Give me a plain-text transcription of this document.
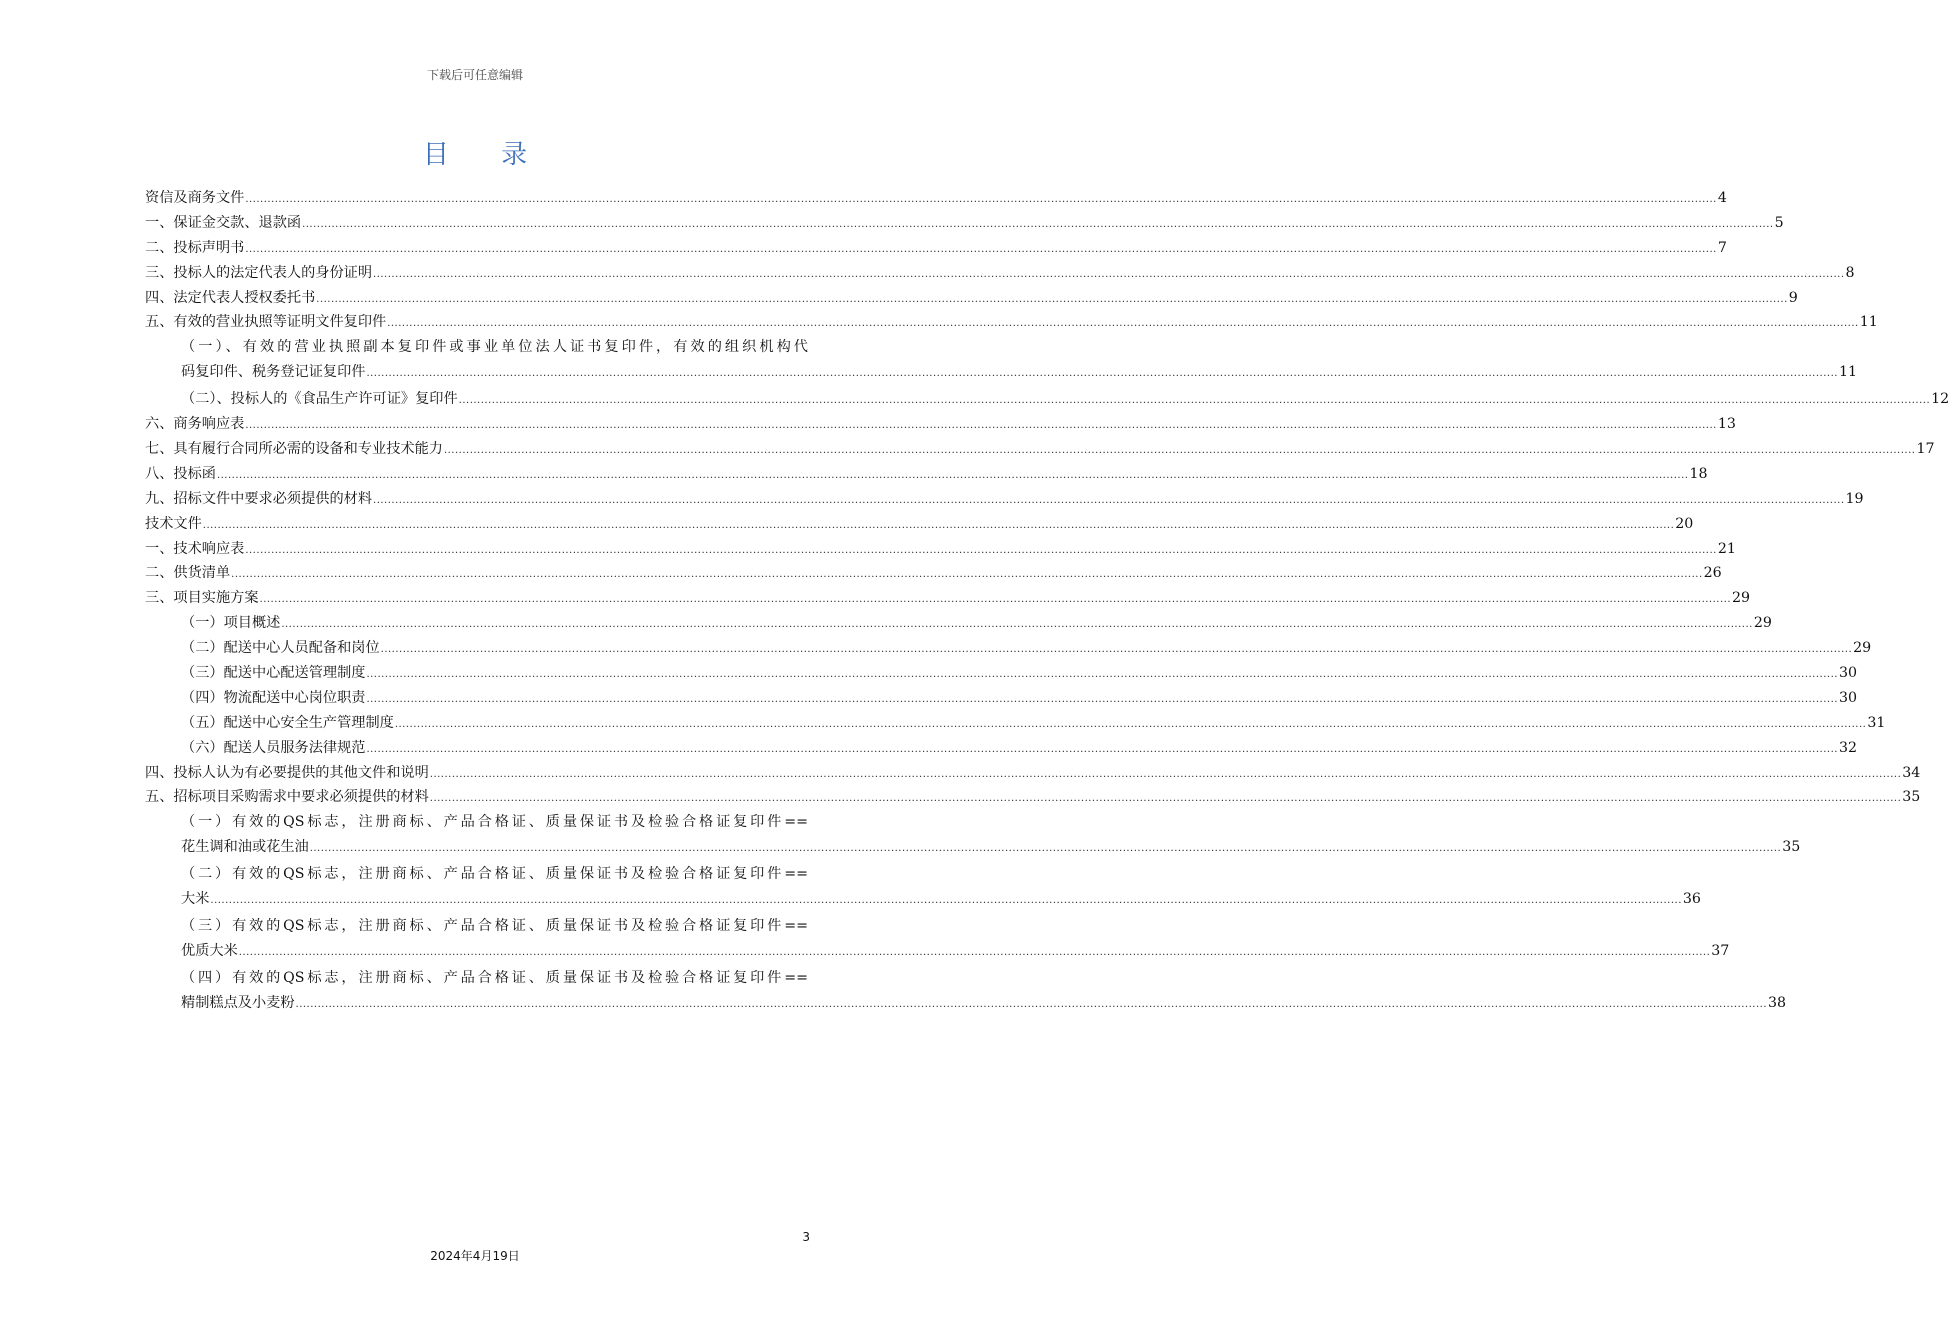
下载后可任意编辑
目 录
资信及商务文件 ................................................................................................................................................................................................................................................................................................................................................................................................................ 4
一、保证金交款、退款函 ................................................................................................................................................................................................................................................................................................................................................................................................................ 5
二、投标声明书 ................................................................................................................................................................................................................................................................................................................................................................................................................ 7
三、投标人的法定代表人的身份证明 ................................................................................................................................................................................................................................................................................................................................................................................................................ 8
四、法定代表人授权委托书 ................................................................................................................................................................................................................................................................................................................................................................................................................ 9
五、有效的营业执照等证明文件复印件 ................................................................................................................................................................................................................................................................................................................................................................................................................ 11
（一）、有效的营业执照副本复印件或事业单位法人证书复印件，有效的组织机构代
码复印件、税务登记证复印件 ................................................................................................................................................................................................................................................................................................................................................................................................................ 11
（二）、投标人的《食品生产许可证》复印件 ................................................................................................................................................................................................................................................................................................................................................................................................................ 12
六、商务响应表 ................................................................................................................................................................................................................................................................................................................................................................................................................ 13
七、具有履行合同所必需的设备和专业技术能力 ................................................................................................................................................................................................................................................................................................................................................................................................................ 17
八、投标函 ................................................................................................................................................................................................................................................................................................................................................................................................................ 18
九、招标文件中要求必须提供的材料 ................................................................................................................................................................................................................................................................................................................................................................................................................ 19
技术文件 ................................................................................................................................................................................................................................................................................................................................................................................................................ 20
一、技术响应表 ................................................................................................................................................................................................................................................................................................................................................................................................................ 21
二、供货清单 ................................................................................................................................................................................................................................................................................................................................................................................................................ 26
三、项目实施方案 ................................................................................................................................................................................................................................................................................................................................................................................................................ 29
（一）项目概述 ................................................................................................................................................................................................................................................................................................................................................................................................................ 29
（二）配送中心人员配备和岗位 ................................................................................................................................................................................................................................................................................................................................................................................................................ 29
（三）配送中心配送管理制度 ................................................................................................................................................................................................................................................................................................................................................................................................................ 30
（四）物流配送中心岗位职责 ................................................................................................................................................................................................................................................................................................................................................................................................................ 30
（五）配送中心安全生产管理制度 ................................................................................................................................................................................................................................................................................................................................................................................................................ 31
（六）配送人员服务法律规范 ................................................................................................................................................................................................................................................................................................................................................................................................................ 32
四、投标人认为有必要提供的其他文件和说明 ................................................................................................................................................................................................................................................................................................................................................................................................................ 34
五、招标项目采购需求中要求必须提供的材料 ................................................................................................................................................................................................................................................................................................................................................................................................................ 35
（一）有效的QS标志，注册商标、产品合格证、质量保证书及检验合格证复印件==
花生调和油或花生油 ................................................................................................................................................................................................................................................................................................................................................................................................................ 35
（二）有效的QS标志，注册商标、产品合格证、质量保证书及检验合格证复印件==
大米 ................................................................................................................................................................................................................................................................................................................................................................................................................ 36
（三）有效的QS标志，注册商标、产品合格证、质量保证书及检验合格证复印件==
优质大米 ................................................................................................................................................................................................................................................................................................................................................................................................................ 37
（四）有效的QS标志，注册商标、产品合格证、质量保证书及检验合格证复印件==
精制糕点及小麦粉 ................................................................................................................................................................................................................................................................................................................................................................................................................ 38
3
2024年4月19日
